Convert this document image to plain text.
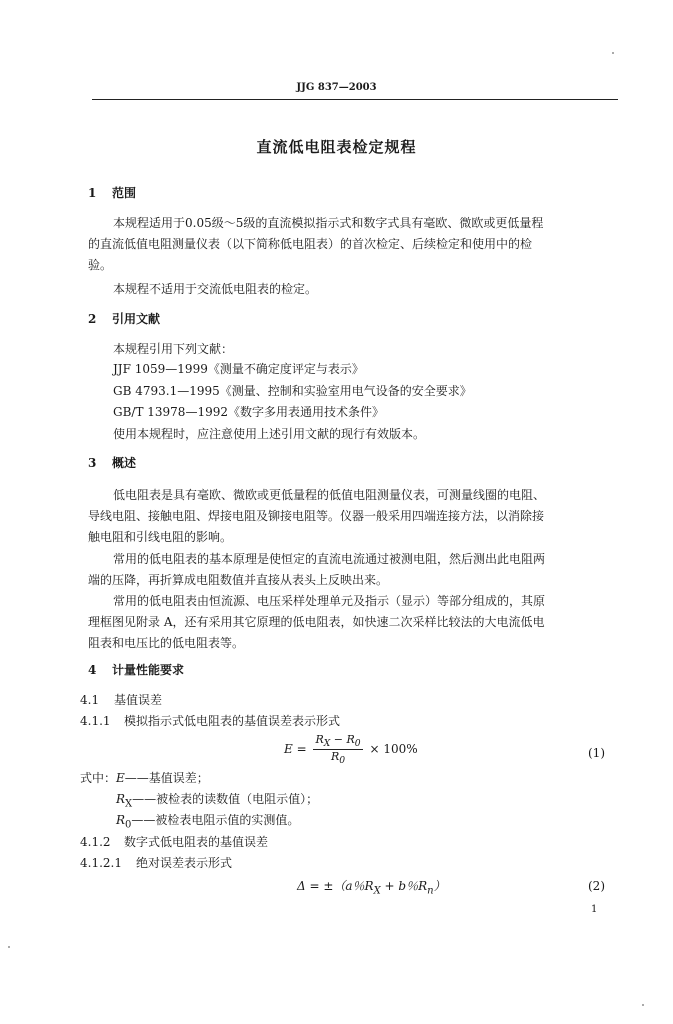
JJG 837—2003
直流低电阻表检定规程
1 范围
本规程适用于0.05级～5级的直流模拟指示式和数字式具有毫欧、微欧或更低量程
的直流低值电阻测量仪表（以下简称低电阻表）的首次检定、后续检定和使用中的检
验。
本规程不适用于交流低电阻表的检定。
2 引用文献
本规程引用下列文献：
JJF 1059—1999《测量不确定度评定与表示》
GB 4793.1—1995《测量、控制和实验室用电气设备的安全要求》
GB/T 13978—1992《数字多用表通用技术条件》
使用本规程时，应注意使用上述引用文献的现行有效版本。
3 概述
低电阻表是具有毫欧、微欧或更低量程的低值电阻测量仪表，可测量线圈的电阻、
导线电阻、接触电阻、焊接电阻及铆接电阻等。仪器一般采用四端连接方法，以消除接
触电阻和引线电阻的影响。
常用的低电阻表的基本原理是使恒定的直流电流通过被测电阻，然后测出此电阻两
端的压降，再折算成电阻数值并直接从表头上反映出来。
常用的低电阻表由恒流源、电压采样处理单元及指示（显示）等部分组成的，其原
理框图见附录 A，还有采用其它原理的低电阻表，如快速二次采样比较法的大电流低电
阻表和电压比的低电阻表等。
4 计量性能要求
4.1 基值误差
4.1.1 模拟指示式低电阻表的基值误差表示形式
$E = \frac{R_X - R_0}{R_0} \times 100\%$	(1)
式中：E——基值误差；
$R_X——$被检表的读数值（电阻示值）；
$R_0——$被检表电阻示值的实测值。
4.1.2 数字式低电阻表的基值误差
4.1.2.1 绝对误差表示形式
Δ = ±（a％$R_X + b$％$R_n$）	(2)
1
